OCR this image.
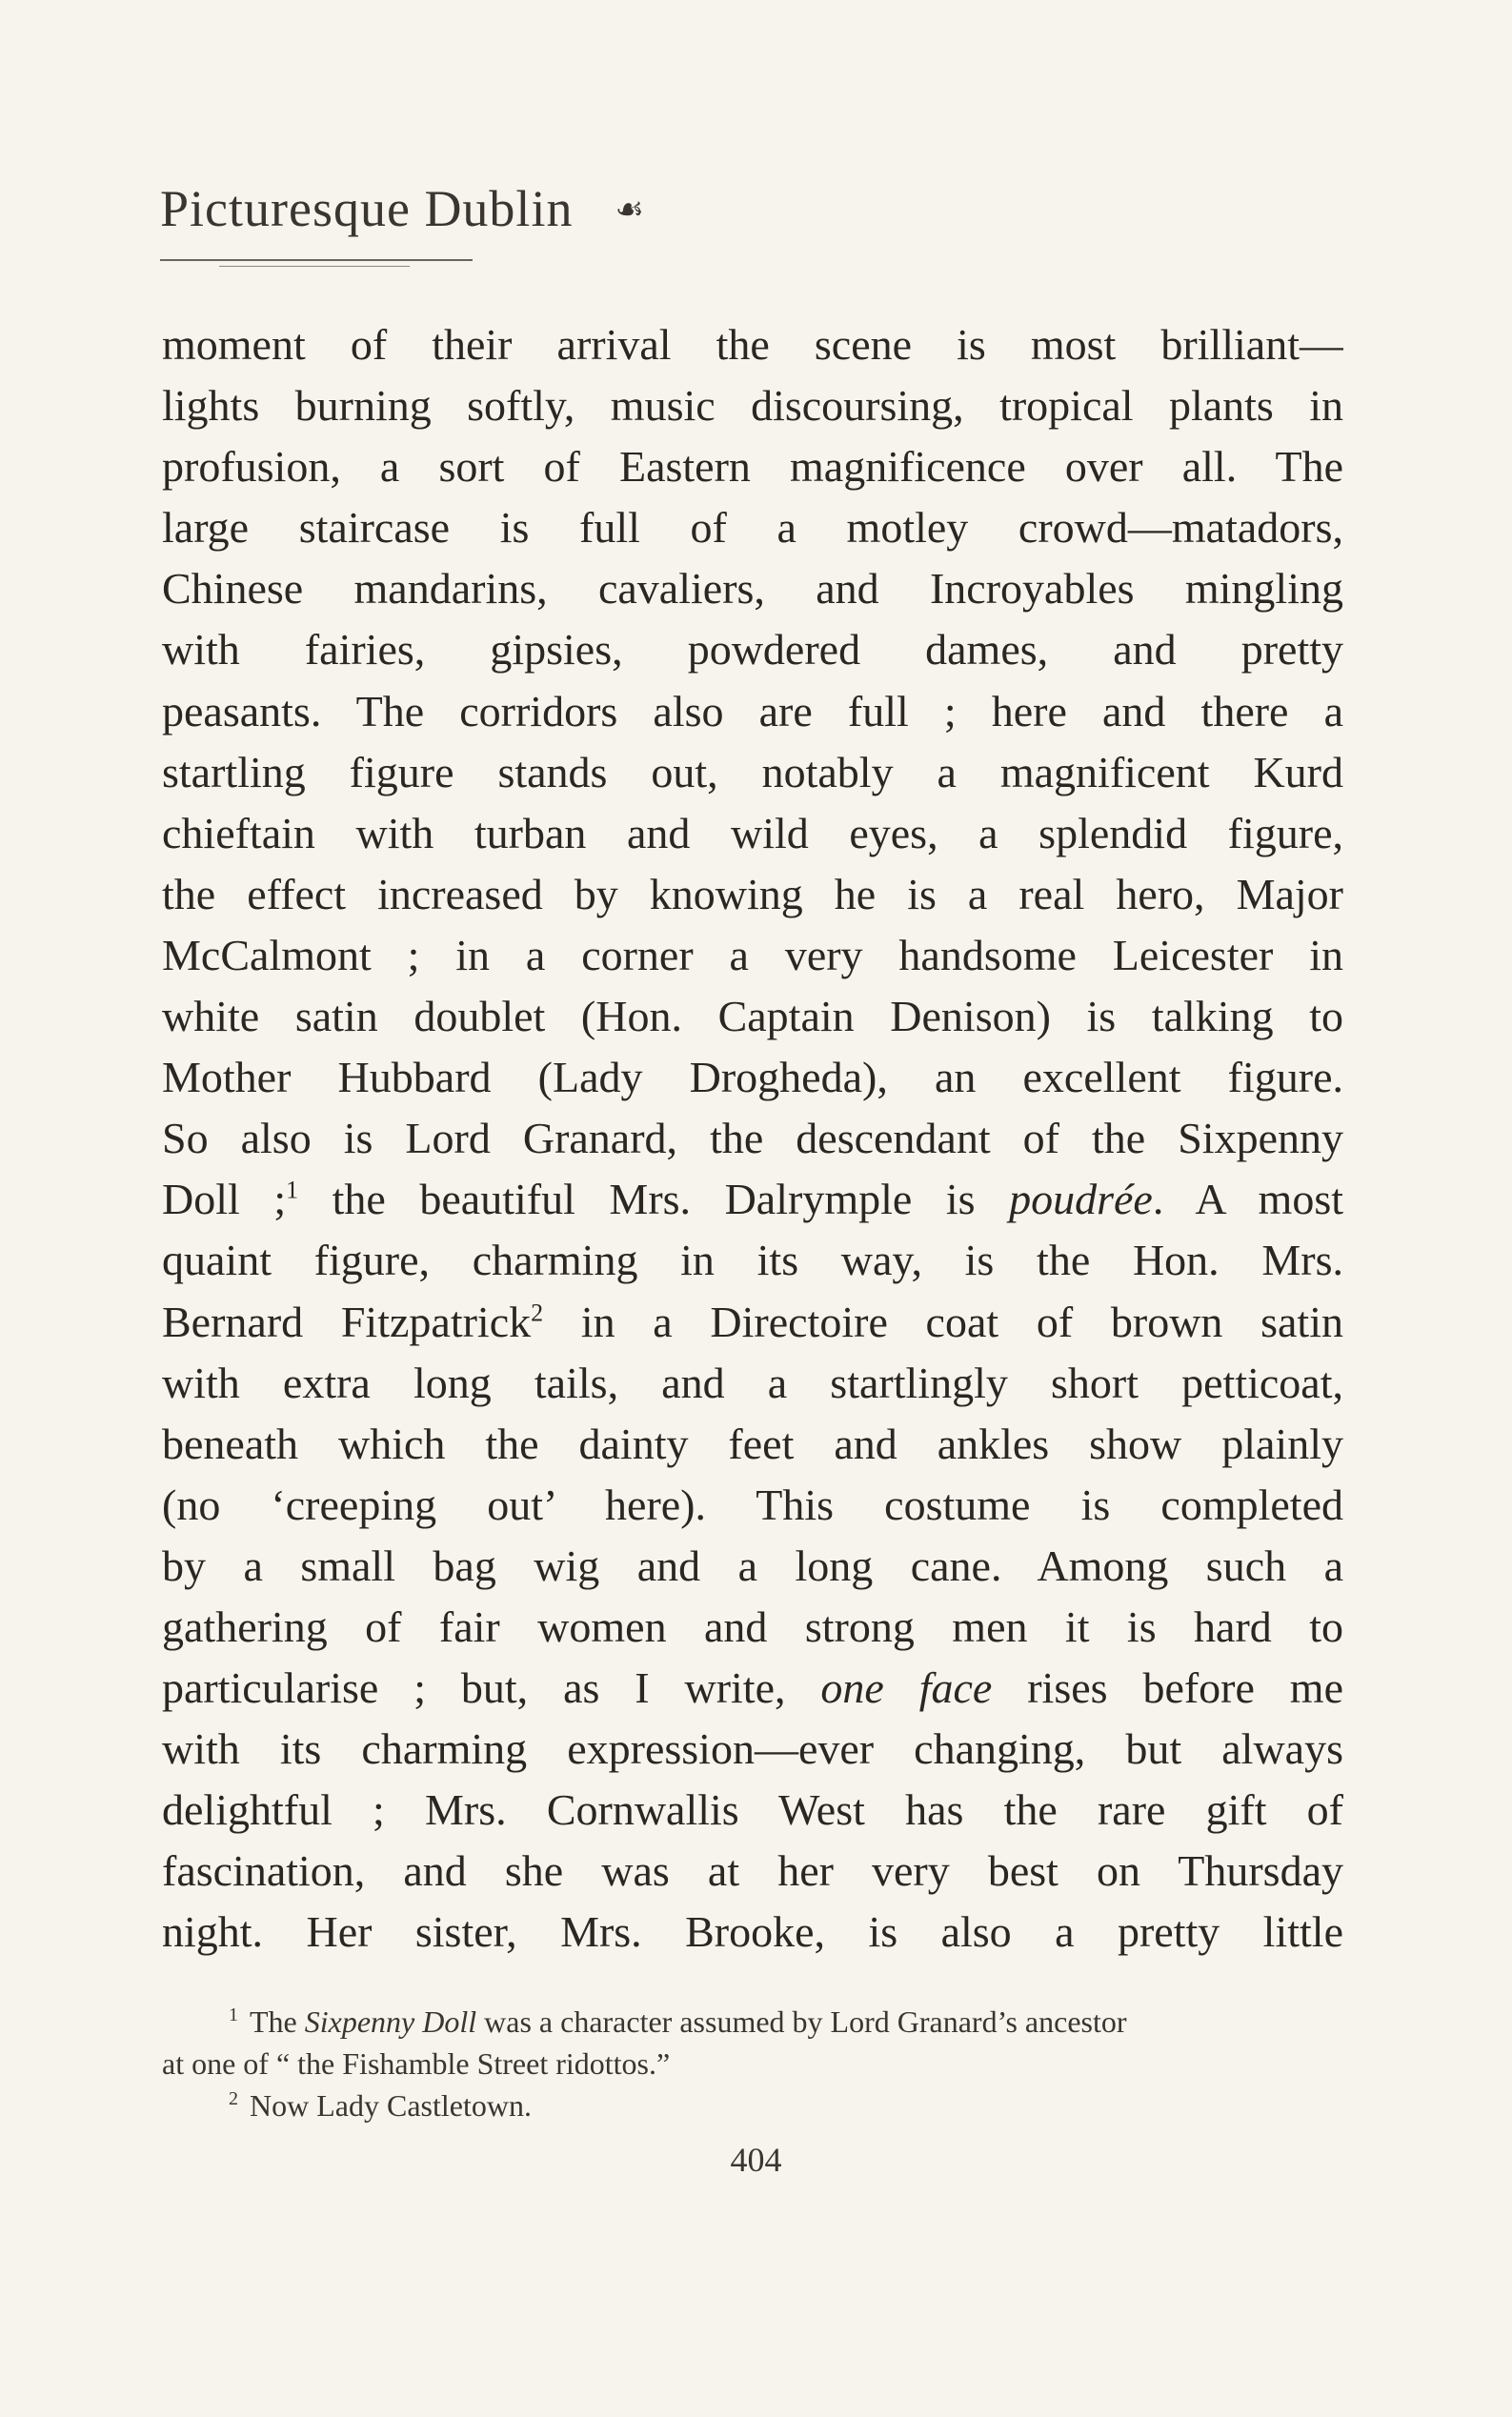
Picturesque Dublin ☙
moment of their arrival the scene is most brilliant—
lights burning softly, music discoursing, tropical plants in
profusion, a sort of Eastern magnificence over all. The
large staircase is full of a motley crowd—matadors,
Chinese mandarins, cavaliers, and Incroyables mingling
with fairies, gipsies, powdered dames, and pretty
peasants. The corridors also are full ; here and there a
startling figure stands out, notably a magnificent Kurd
chieftain with turban and wild eyes, a splendid figure,
the effect increased by knowing he is a real hero, Major
McCalmont ; in a corner a very handsome Leicester in
white satin doublet (Hon. Captain Denison) is talking to
Mother Hubbard (Lady Drogheda), an excellent figure.
So also is Lord Granard, the descendant of the Sixpenny
Doll ;$^1$ the beautiful Mrs. Dalrymple is poudrée. A most
quaint figure, charming in its way, is the Hon. Mrs.
Bernard Fitzpatrick$^2$ in a Directoire coat of brown satin
with extra long tails, and a startlingly short petticoat,
beneath which the dainty feet and ankles show plainly
(no ‘creeping out’ here). This costume is completed
by a small bag wig and a long cane. Among such a
gathering of fair women and strong men it is hard to
particularise ; but, as I write, one face rises before me
with its charming expression—ever changing, but always
delightful ; Mrs. Cornwallis West has the rare gift of
fascination, and she was at her very best on Thursday
night. Her sister, Mrs. Brooke, is also a pretty little
$^1$ The Sixpenny Doll was a character assumed by Lord Granard’s ancestor
at one of “ the Fishamble Street ridottos.”
$^2$ Now Lady Castletown.
404
